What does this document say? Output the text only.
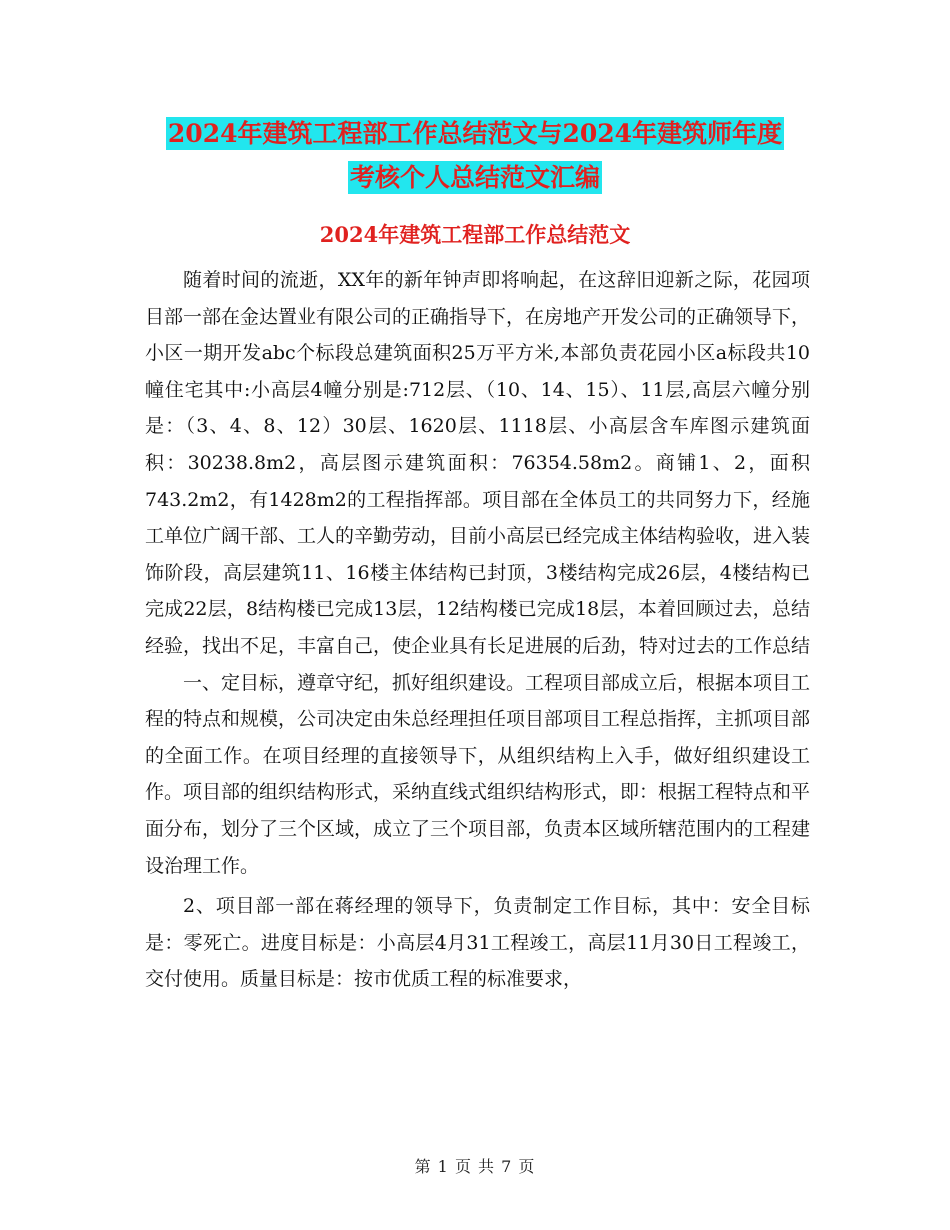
2024年建筑工程部工作总结范文与2024年建筑师年度
考核个人总结范文汇编
2024年建筑工程部工作总结范文

随着时间的流逝，XX年的新年钟声即将响起，在这辞旧迎新之际，花园项目部一部在金达置业有限公司的正确指导下，在房地产开发公司的正确领导下，小区一期开发abc个标段总建筑面积25万平方米,本部负责花园小区a标段共10幢住宅其中:小高层4幢分别是:712层、（10、14、15）、11层,高层六幢分别是：（3、4、8、12）30层、1620层、1118层、小高层含车库图示建筑面积：30238.8m2，高层图示建筑面积：76354.58m2。商铺1、2，面积743.2m2，有1428m2的工程指挥部。项目部在全体员工的共同努力下，经施工单位广阔干部、工人的辛勤劳动，目前小高层已经完成主体结构验收，进入装饰阶段，高层建筑11、16楼主体结构已封顶，3楼结构完成26层，4楼结构已完成22层，8结构楼已完成13层，12结构楼已完成18层，本着回顾过去，总结经验，找出不足，丰富自己，使企业具有长足进展的后劲，特对过去的工作总结

一、定目标，遵章守纪，抓好组织建设。工程项目部成立后，根据本项目工程的特点和规模，公司决定由朱总经理担任项目部项目工程总指挥，主抓项目部的全面工作。在项目经理的直接领导下，从组织结构上入手，做好组织建设工作。项目部的组织结构形式，采纳直线式组织结构形式，即：根据工程特点和平面分布，划分了三个区域，成立了三个项目部，负责本区域所辖范围内的工程建设治理工作。

2、项目部一部在蒋经理的领导下，负责制定工作目标，其中：安全目标是：零死亡。进度目标是：小高层4月31工程竣工，高层11月30日工程竣工，交付使用。质量目标是：按市优质工程的标准要求，

第 1 页 共 7 页
